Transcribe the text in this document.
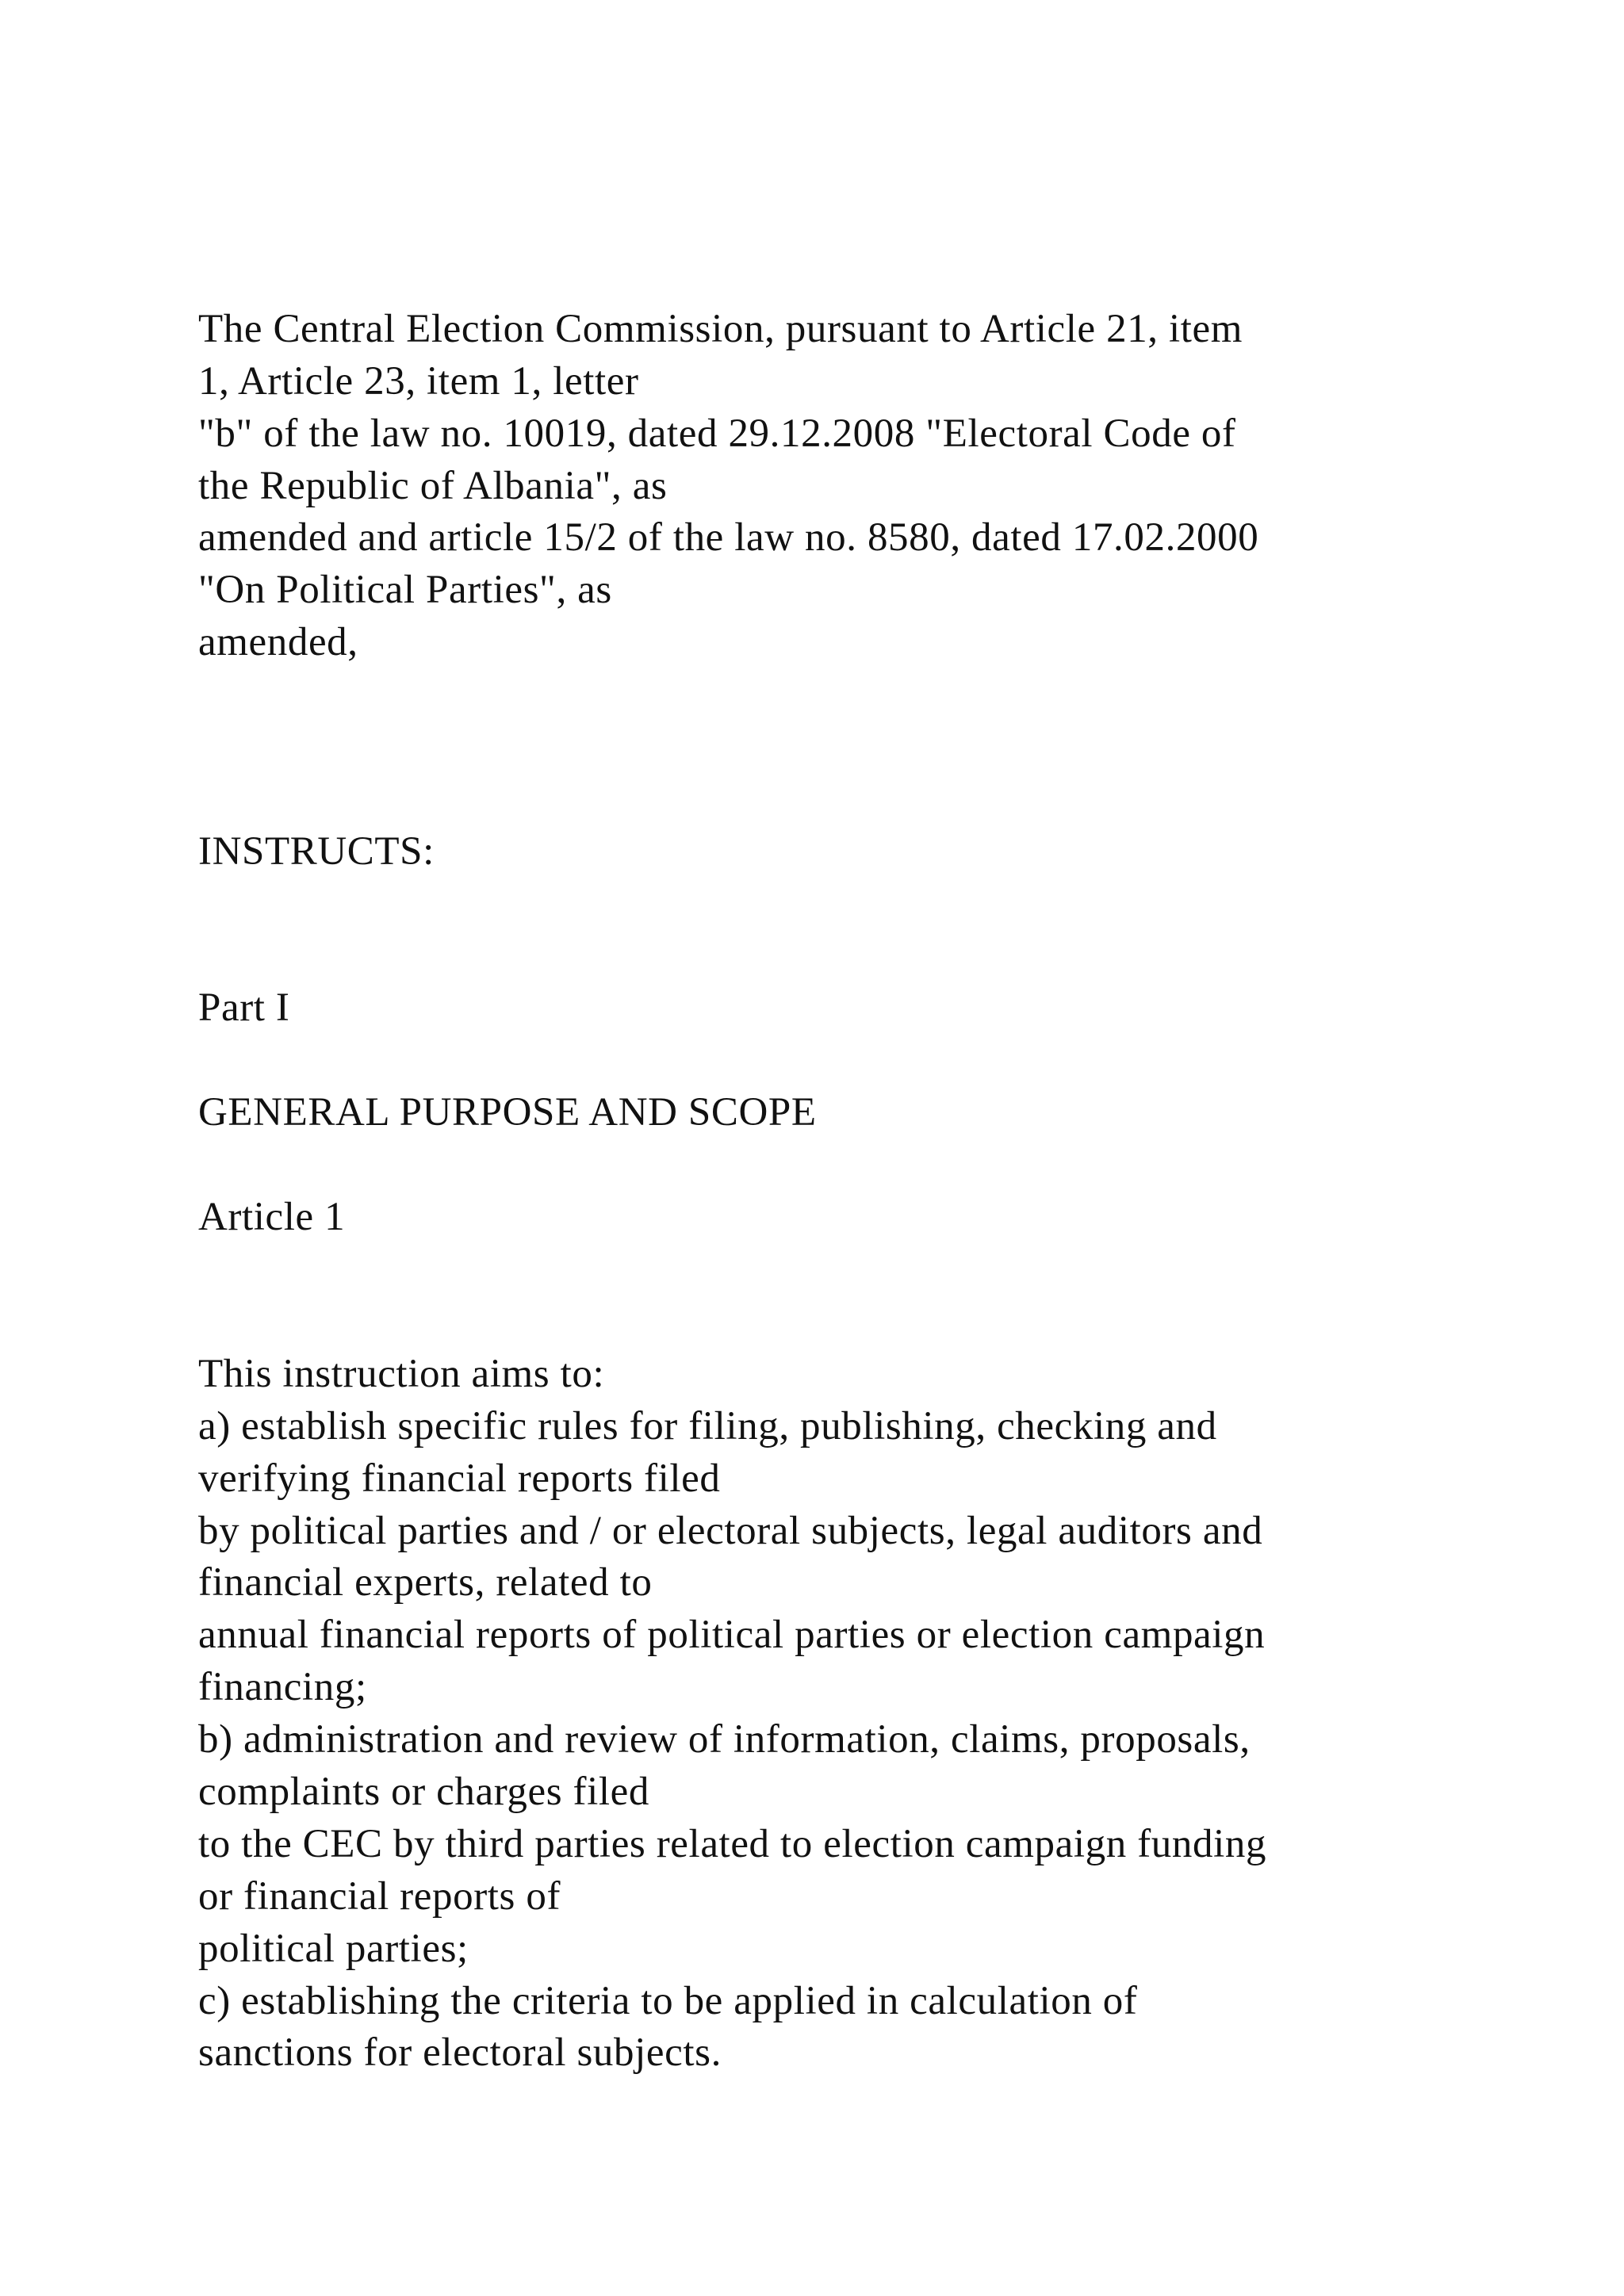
The Central Election Commission, pursuant to Article 21, item
1, Article 23, item 1, letter
"b" of the law no. 10019, dated 29.12.2008 "Electoral Code of
the Republic of Albania", as
amended and article 15/2 of the law no. 8580, dated 17.02.2000
"On Political Parties", as
amended,
INSTRUCTS:
Part I
GENERAL PURPOSE AND SCOPE
Article 1
This instruction aims to:
a) establish specific rules for filing, publishing, checking and
verifying financial reports filed
by political parties and / or electoral subjects, legal auditors and
financial experts, related to
annual financial reports of political parties or election campaign
financing;
b) administration and review of information, claims, proposals,
complaints or charges filed
to the CEC by third parties related to election campaign funding
or financial reports of
political parties;
c) establishing the criteria to be applied in calculation of
sanctions for electoral subjects.
